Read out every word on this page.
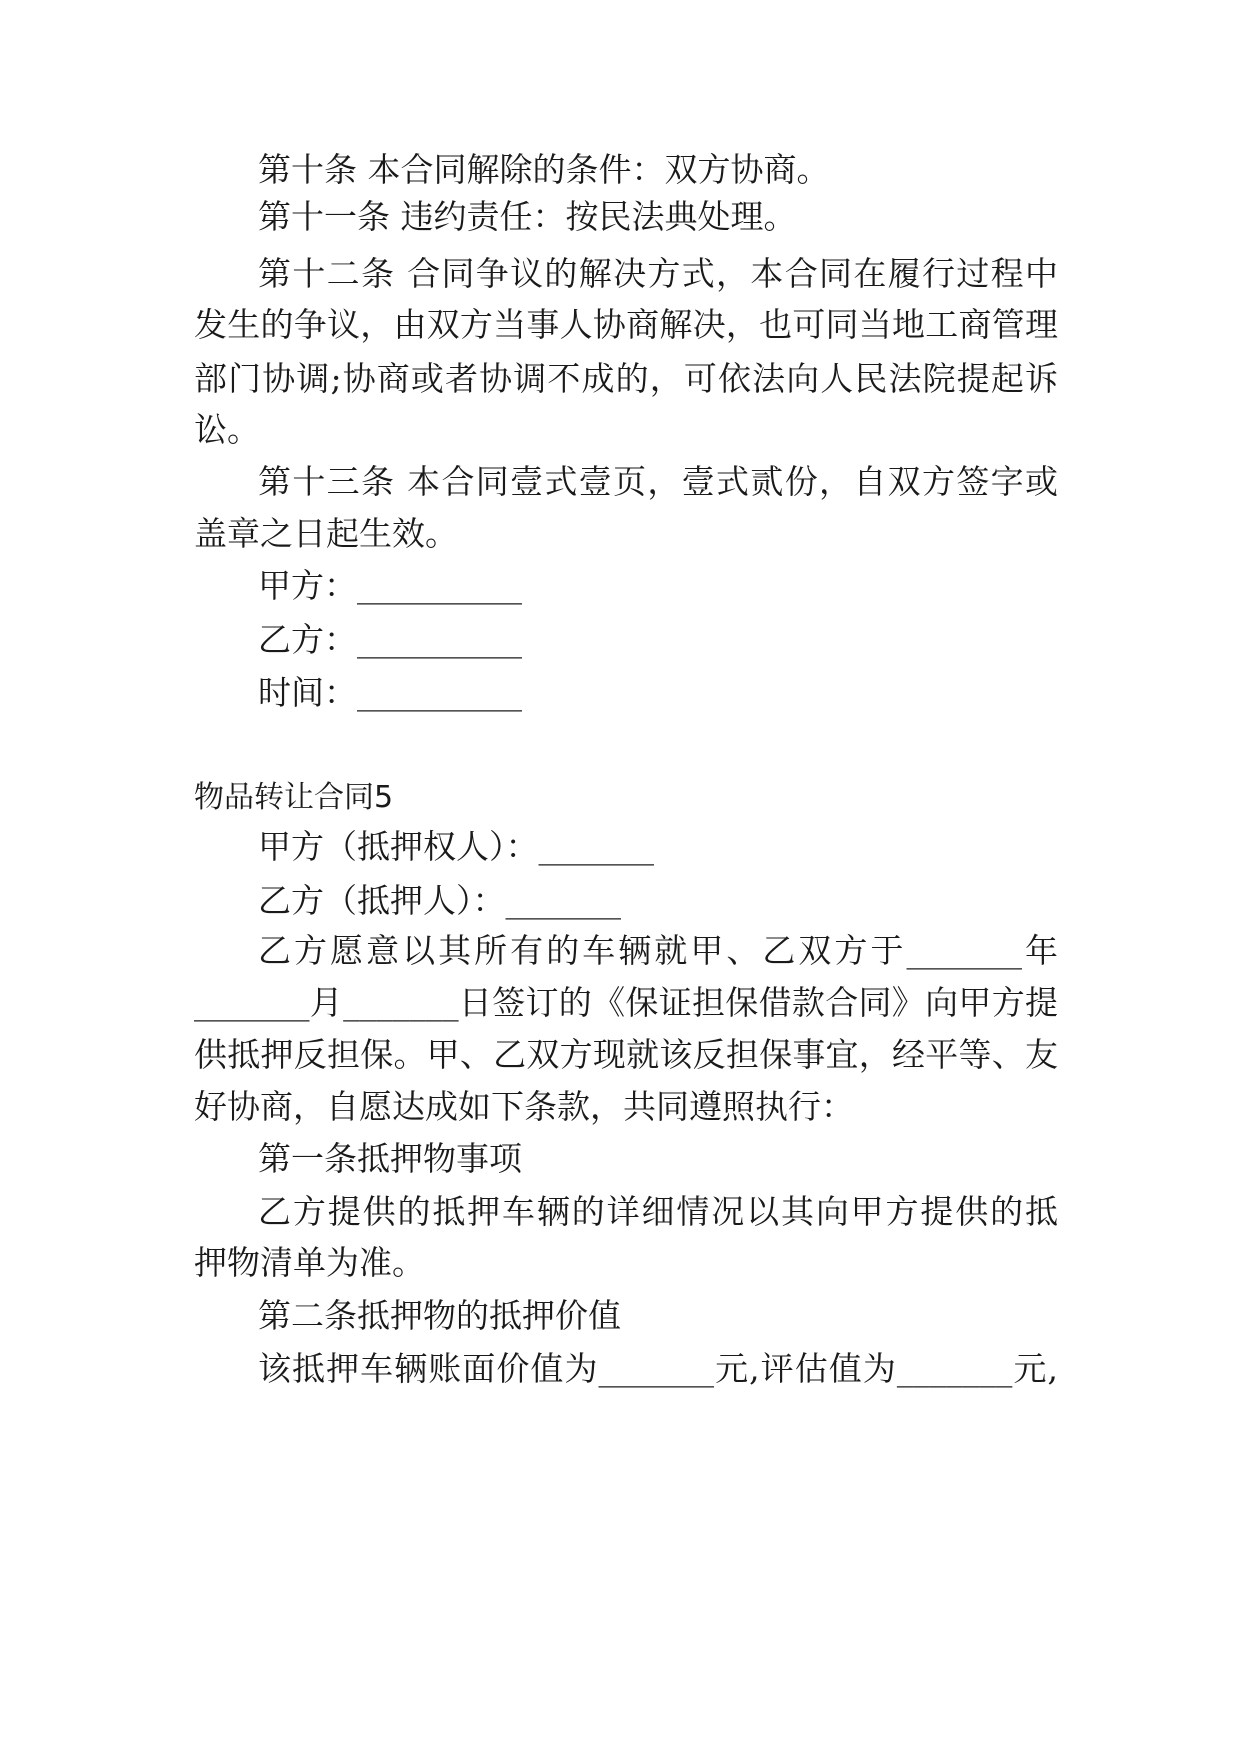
第十条 本合同解除的条件：双方协商。
第十一条 违约责任：按民法典处理。
第十二条 合同争议的解决方式，本合同在履行过程中
发生的争议，由双方当事人协商解决，也可同当地工商管理
部门协调;协商或者协调不成的，可依法向人民法院提起诉
讼。
第十三条 本合同壹式壹页，壹式贰份，自双方签字或
盖章之日起生效。
甲方：__________
乙方：__________
时间：__________
物品转让合同5
甲方（抵押权人）：_______
乙方（抵押人）：_______
乙方愿意以其所有的车辆就甲、乙双方于_______年
_______月_______日签订的《保证担保借款合同》向甲方提
供抵押反担保。甲、乙双方现就该反担保事宜，经平等、友
好协商，自愿达成如下条款，共同遵照执行：
第一条抵押物事项
乙方提供的抵押车辆的详细情况以其向甲方提供的抵
押物清单为准。
第二条抵押物的抵押价值
该抵押车辆账面价值为_______元,评估值为_______元,
